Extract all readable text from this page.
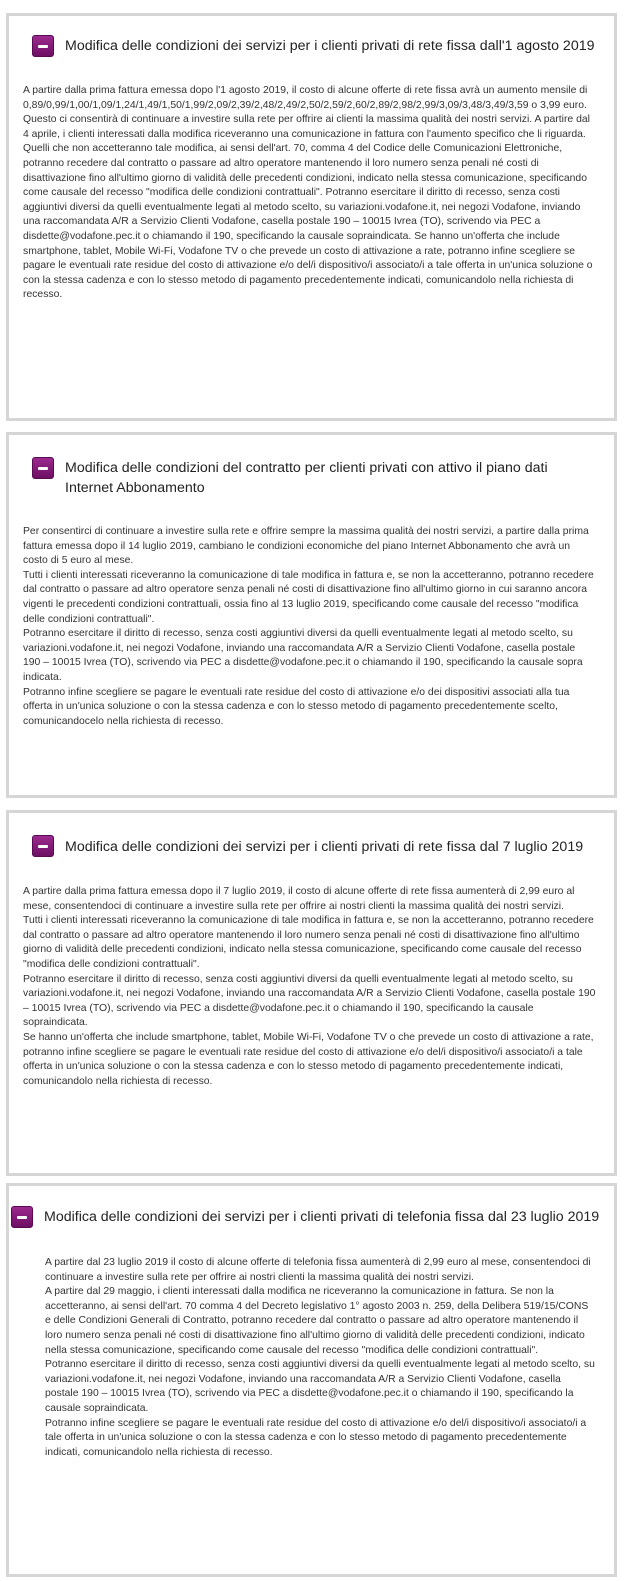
Modifica delle condizioni dei servizi per i clienti privati di rete fissa dall'1 agosto 2019

A partire dalla prima fattura emessa dopo l'1 agosto 2019, il costo di alcune offerte di rete fissa avrà un aumento mensile di
0,89/0,99/1,00/1,09/1,24/1,49/1,50/1,99/2,09/2,39/2,48/2,49/2,50/2,59/2,60/2,89/2,98/2,99/3,09/3,48/3,49/3,59 o 3,99 euro. Questo ci consentirà di continuare a investire sulla rete per offrire ai clienti la massima qualità dei nostri servizi. A partire dal 4 aprile, i clienti interessati dalla modifica riceveranno una comunicazione in fattura con l'aumento specifico che li riguarda.
Quelli che non accetteranno tale modifica, ai sensi dell'art. 70, comma 4 del Codice delle Comunicazioni Elettroniche, potranno recedere dal contratto o passare ad altro operatore mantenendo il loro numero senza penali né costi di disattivazione fino all'ultimo giorno di validità delle precedenti condizioni, indicato nella stessa comunicazione, specificando come causale del recesso "modifica delle condizioni contrattuali". Potranno esercitare il diritto di recesso, senza costi aggiuntivi diversi da quelli eventualmente legati al metodo scelto, su variazioni.vodafone.it, nei negozi Vodafone, inviando una raccomandata A/R a Servizio Clienti Vodafone, casella postale 190 – 10015 Ivrea (TO), scrivendo via PEC a disdette@vodafone.pec.it o chiamando il 190, specificando la causale sopraindicata. Se hanno un'offerta che include smartphone, tablet, Mobile Wi-Fi, Vodafone TV o che prevede un costo di attivazione a rate, potranno infine scegliere se pagare le eventuali rate residue del costo di attivazione e/o del/i dispositivo/i associato/i a tale offerta in un'unica soluzione o con la stessa cadenza e con lo stesso metodo di pagamento precedentemente indicati, comunicandolo nella richiesta di recesso.

Modifica delle condizioni del contratto per clienti privati con attivo il piano dati Internet Abbonamento

Per consentirci di continuare a investire sulla rete e offrire sempre la massima qualità dei nostri servizi, a partire dalla prima fattura emessa dopo il 14 luglio 2019, cambiano le condizioni economiche del piano Internet Abbonamento che avrà un costo di 5 euro al mese.
Tutti i clienti interessati riceveranno la comunicazione di tale modifica in fattura e, se non la accetteranno, potranno recedere dal contratto o passare ad altro operatore senza penali né costi di disattivazione fino all'ultimo giorno in cui saranno ancora vigenti le precedenti condizioni contrattuali, ossia fino al 13 luglio 2019, specificando come causale del recesso "modifica delle condizioni contrattuali".
Potranno esercitare il diritto di recesso, senza costi aggiuntivi diversi da quelli eventualmente legati al metodo scelto, su variazioni.vodafone.it, nei negozi Vodafone, inviando una raccomandata A/R a Servizio Clienti Vodafone, casella postale 190 – 10015 Ivrea (TO), scrivendo via PEC a disdette@vodafone.pec.it o chiamando il 190, specificando la causale sopra indicata.
Potranno infine scegliere se pagare le eventuali rate residue del costo di attivazione e/o dei dispositivi associati alla tua offerta in un'unica soluzione o con la stessa cadenza e con lo stesso metodo di pagamento precedentemente scelto, comunicandocelo nella richiesta di recesso.

Modifica delle condizioni dei servizi per i clienti privati di rete fissa dal 7 luglio 2019

A partire dalla prima fattura emessa dopo il 7 luglio 2019, il costo di alcune offerte di rete fissa aumenterà di 2,99 euro al mese, consentendoci di continuare a investire sulla rete per offrire ai nostri clienti la massima qualità dei nostri servizi.
Tutti i clienti interessati riceveranno la comunicazione di tale modifica in fattura e, se non la accetteranno, potranno recedere dal contratto o passare ad altro operatore mantenendo il loro numero senza penali né costi di disattivazione fino all'ultimo giorno di validità delle precedenti condizioni, indicato nella stessa comunicazione, specificando come causale del recesso "modifica delle condizioni contrattuali".
Potranno esercitare il diritto di recesso, senza costi aggiuntivi diversi da quelli eventualmente legati al metodo scelto, su variazioni.vodafone.it, nei negozi Vodafone, inviando una raccomandata A/R a Servizio Clienti Vodafone, casella postale 190 – 10015 Ivrea (TO), scrivendo via PEC a disdette@vodafone.pec.it o chiamando il 190, specificando la causale sopraindicata.
Se hanno un'offerta che include smartphone, tablet, Mobile Wi-Fi, Vodafone TV o che prevede un costo di attivazione a rate, potranno infine scegliere se pagare le eventuali rate residue del costo di attivazione e/o del/i dispositivo/i associato/i a tale offerta in un'unica soluzione o con la stessa cadenza e con lo stesso metodo di pagamento precedentemente indicati, comunicandolo nella richiesta di recesso.

Modifica delle condizioni dei servizi per i clienti privati di telefonia fissa dal 23 luglio 2019

A partire dal 23 luglio 2019 il costo di alcune offerte di telefonia fissa aumenterà di 2,99 euro al mese, consentendoci di continuare a investire sulla rete per offrire ai nostri clienti la massima qualità dei nostri servizi.
A partire dal 29 maggio, i clienti interessati dalla modifica ne riceveranno la comunicazione in fattura. Se non la accetteranno, ai sensi dell'art. 70 comma 4 del Decreto legislativo 1° agosto 2003 n. 259, della Delibera 519/15/CONS e delle Condizioni Generali di Contratto, potranno recedere dal contratto o passare ad altro operatore mantenendo il loro numero senza penali né costi di disattivazione fino all'ultimo giorno di validità delle precedenti condizioni, indicato nella stessa comunicazione, specificando come causale del recesso "modifica delle condizioni contrattuali".
Potranno esercitare il diritto di recesso, senza costi aggiuntivi diversi da quelli eventualmente legati al metodo scelto, su variazioni.vodafone.it, nei negozi Vodafone, inviando una raccomandata A/R a Servizio Clienti Vodafone, casella postale 190 – 10015 Ivrea (TO), scrivendo via PEC a disdette@vodafone.pec.it o chiamando il 190, specificando la causale sopraindicata.
Potranno infine scegliere se pagare le eventuali rate residue del costo di attivazione e/o del/i dispositivo/i associato/i a tale offerta in un'unica soluzione o con la stessa cadenza e con lo stesso metodo di pagamento precedentemente indicati, comunicandolo nella richiesta di recesso.
